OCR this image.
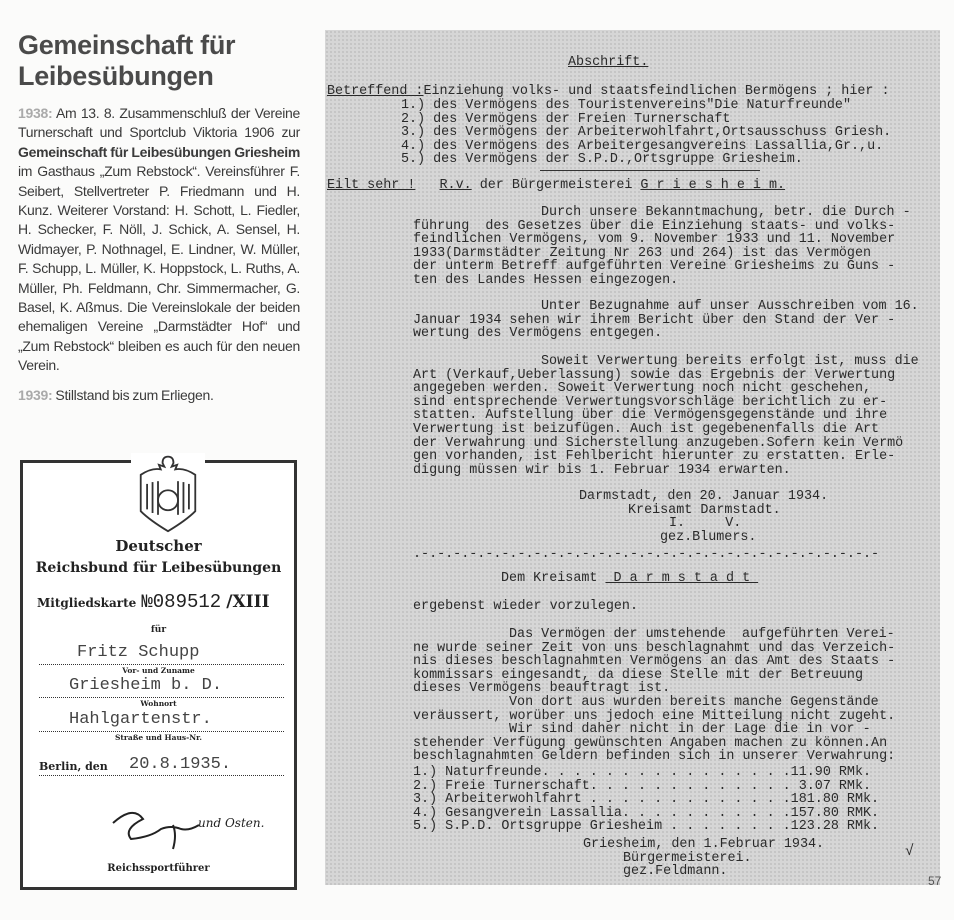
Gemeinschaft für
Leibesübungen

1938: Am 13. 8. Zusammenschluß der Vereine Turnerschaft und Sportclub Viktoria 1906 zur Gemeinschaft für Leibesübungen Griesheim im Gasthaus „Zum Rebstock“. Vereinsführer F. Seibert, Stellvertreter P. Friedmann und H. Kunz. Weiterer Vorstand: H. Schott, L. Fiedler, H. Schecker, F. Nöll, J. Schick, A. Sensel, H. Widmayer, P. Nothnagel, E. Lindner, W. Müller, F. Schupp, L. Müller, K. Hoppstock, L. Ruths, A. Müller, Ph. Feldmann, Chr. Simmermacher, G. Basel, K. Aßmus. Die Vereinslokale der beiden ehemaligen Vereine „Darmstädter Hof“ und „Zum Rebstock“ bleiben es auch für den neuen Verein.

1939: Stillstand bis zum Erliegen.

Deutscher
Reichsbund für Leibesübungen
Mitgliedskarte №089512 /XIII
für
Fritz Schupp
Vor- und Zuname
Griesheim b. D.
Wohnort
Hahlgartenstr.
Straße und Haus-Nr.
Berlin, den 20.8.1935.
und Osten.
Reichssportführer
Abschrift.
Betreffend :Einziehung volks- und staatsfeindlichen Bermögens ; hier :
1.) des Vermögens des Touristenvereins"Die Naturfreunde"
2.) des Vermögens der Freien Turnerschaft
3.) des Vermögens der Arbeiterwohlfahrt,Ortsausschuss Griesh.
4.) des Vermögens des Arbeitergesangvereins Lassallia,Gr.,u.
5.) des Vermögens der S.P.D.,Ortsgruppe Griesheim.
Eilt sehr ! R.v. der Bürgermeisterei G r i e s h e i m.
Durch unsere Bekanntmachung, betr. die Durch -
führung  des Gesetzes über die Einziehung staats- und volks-
feindlichen Vermögens, vom 9. November 1933 und 11. November
1933(Darmstädter Zeitung Nr 263 und 264) ist das Vermögen
der unterm Betreff aufgeführten Vereine Griesheims zu Guns -
ten des Landes Hessen eingezogen.
Unter Bezugnahme auf unser Ausschreiben vom 16.
Januar 1934 sehen wir ihrem Bericht über den Stand der Ver -
wertung des Vermögens entgegen.
Soweit Verwertung bereits erfolgt ist, muss die
Art (Verkauf,Ueberlassung) sowie das Ergebnis der Verwertung
angegeben werden. Soweit Verwertung noch nicht geschehen,
sind entsprechende Verwertungsvorschläge berichtlich zu er-
statten. Aufstellung über die Vermögensgegenstände und ihre
Verwertung ist beizufügen. Auch ist gegebenenfalls die Art
der Verwahrung und Sicherstellung anzugeben.Sofern kein Vermö
gen vorhanden, ist Fehlbericht hierunter zu erstatten. Erle-
digung müssen wir bis 1. Februar 1934 erwarten.
Darmstadt, den 20. Januar 1934.
Kreisamt Darmstadt.
I.     V.
gez.Blumers.
.-.-.-.-.-.-.-.-.-.-.-.-.-.-.-.-.-.-.-.-.-.-.-.-.-.-.-.-.-
Dem Kreisamt  D a r m s t a d t
ergebenst wieder vorzulegen.
Das Vermögen der umstehende  aufgeführten Verei-
ne wurde seiner Zeit von uns beschlagnahmt und das Verzeich-
nis dieses beschlagnahmten Vermögens an das Amt des Staats -
kommissars eingesandt, da diese Stelle mit der Betreuung
dieses Vermögens beauftragt ist.
Von dort aus wurden bereits manche Gegenstände
veräussert, worüber uns jedoch eine Mitteilung nicht zugeht.
Wir sind daher nicht in der Lage die in vor -
stehender Verfügung gewünschten Angaben machen zu können.An
beschlagnahmten Geldern befinden sich in unserer Verwahrung:
1.) Naturfreunde. . . . . . . . . . . . . . . .11.90 RMk.
2.) Freie Turnerschaft. . . . . . . . . . . . . 3.07 RMk.
3.) Arbeiterwohlfahrt . . . . . . . . . . . . .181.80 RMk.
4.) Gesangverein Lassallia. . . . . . . . . . .157.80 RMK.
5.) S.P.D. Ortsgruppe Griesheim . . . . . . . .123.28 RMk.
Griesheim, den 1.Februar 1934.
Bürgermeisterei.
gez.Feldmann.
√
57
